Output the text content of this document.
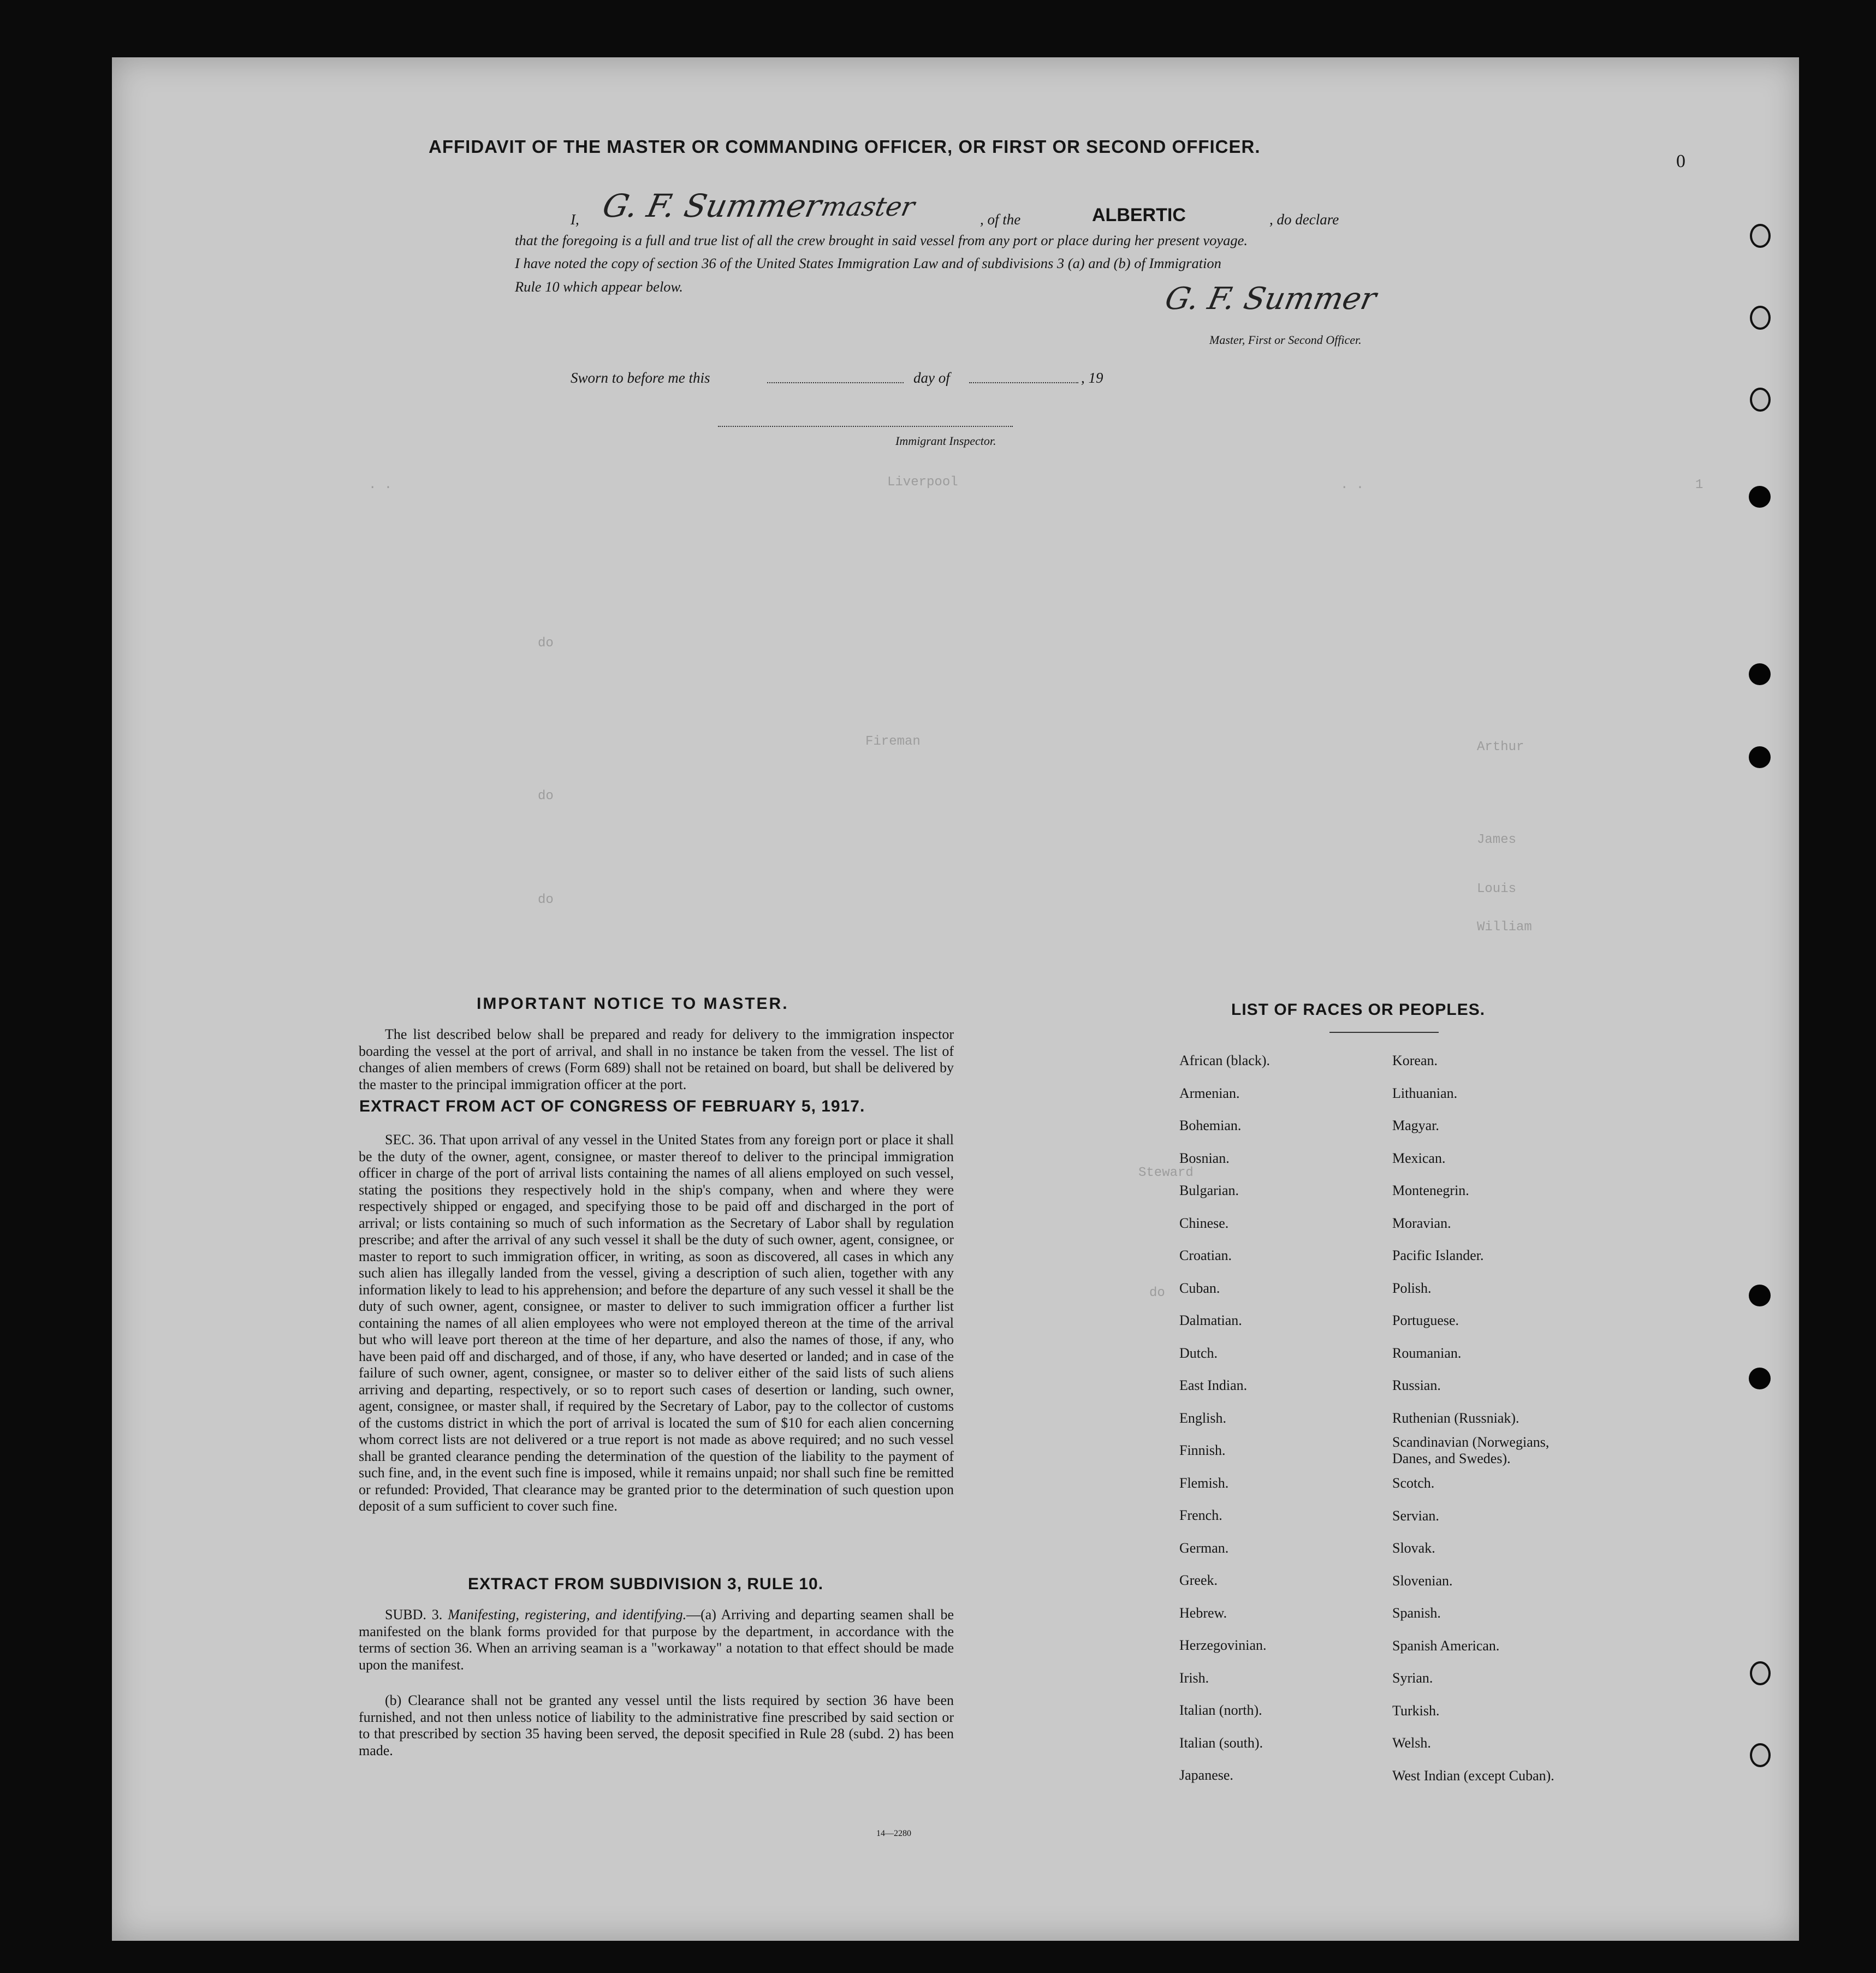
. .	Liverpool	. .	1
Fireman	Arthur
James
Louis
William
do
do
do
Steward
do
AFFIDAVIT OF THE MASTER OR COMMANDING OFFICER, OR FIRST OR SECOND OFFICER.
I, G. F. Summer
master	, of the	ALBERTIC	, do declare
that the foregoing is a full and true list of all the crew brought in said vessel from any port or place during her present voyage.
I have noted the copy of section 36 of the United States Immigration Law and of subdivisions 3 (a) and (b) of Immigration
Rule 10 which appear below.	G. F. Summer
Master, First or Second Officer.
Sworn to before me this	day of	, 19
Immigrant Inspector.
IMPORTANT NOTICE TO MASTER.
The list described below shall be prepared and ready for delivery to the immigration inspector boarding the vessel at the port of arrival, and shall in no instance be taken from the vessel. The list of changes of alien members of crews (Form 689) shall not be retained on board, but shall be delivered by the master to the principal immigration officer at the port.
EXTRACT FROM ACT OF CONGRESS OF FEBRUARY 5, 1917.
SEC. 36. That upon arrival of any vessel in the United States from any foreign port or place it shall be the duty of the owner, agent, consignee, or master thereof to deliver to the principal immigration officer in charge of the port of arrival lists containing the names of all aliens employed on such vessel, stating the positions they respectively hold in the ship's company, when and where they were respectively shipped or engaged, and specifying those to be paid off and discharged in the port of arrival; or lists containing so much of such information as the Secretary of Labor shall by regulation prescribe; and after the arrival of any such vessel it shall be the duty of such owner, agent, consignee, or master to report to such immigration officer, in writing, as soon as discovered, all cases in which any such alien has illegally landed from the vessel, giving a description of such alien, together with any information likely to lead to his apprehension; and before the departure of any such vessel it shall be the duty of such owner, agent, consignee, or master to deliver to such immigration officer a further list containing the names of all alien employees who were not employed thereon at the time of the arrival but who will leave port thereon at the time of her departure, and also the names of those, if any, who have been paid off and discharged, and of those, if any, who have deserted or landed; and in case of the failure of such owner, agent, consignee, or master so to deliver either of the said lists of such aliens arriving and departing, respectively, or so to report such cases of desertion or landing, such owner, agent, consignee, or master shall, if required by the Secretary of Labor, pay to the collector of customs of the customs district in which the port of arrival is located the sum of $10 for each alien concerning whom correct lists are not delivered or a true report is not made as above required; and no such vessel shall be granted clearance pending the determination of the question of the liability to the payment of such fine, and, in the event such fine is imposed, while it remains unpaid; nor shall such fine be remitted or refunded: Provided, That clearance may be granted prior to the determination of such question upon deposit of a sum sufficient to cover such fine.
EXTRACT FROM SUBDIVISION 3, RULE 10.
SUBD. 3. Manifesting, registering, and identifying.—(a) Arriving and departing seamen shall be manifested on the blank forms provided for that purpose by the department, in accordance with the terms of section 36. When an arriving seaman is a "workaway" a notation to that effect should be made upon the manifest.
(b) Clearance shall not be granted any vessel until the lists required by section 36 have been furnished, and not then unless notice of liability to the administrative fine prescribed by said section or to that prescribed by section 35 having been served, the deposit specified in Rule 28 (subd. 2) has been made.
14—2280
LIST OF RACES OR PEOPLES.
African (black).
Armenian.
Bohemian.
Bosnian.
Bulgarian.
Chinese.
Croatian.
Cuban.
Dalmatian.
Dutch.
East Indian.
English.
Finnish.
Flemish.
French.
German.
Greek.
Hebrew.
Herzegovinian.
Irish.
Italian (north).
Italian (south).
Japanese.
Korean.
Lithuanian.
Magyar.
Mexican.
Montenegrin.
Moravian.
Pacific Islander.
Polish.
Portuguese.
Roumanian.
Russian.
Ruthenian (Russniak).
Scandinavian (Norwegians,
Danes, and Swedes).
Scotch.
Servian.
Slovak.
Slovenian.
Spanish.
Spanish American.
Syrian.
Turkish.
Welsh.
West Indian (except Cuban).
0
